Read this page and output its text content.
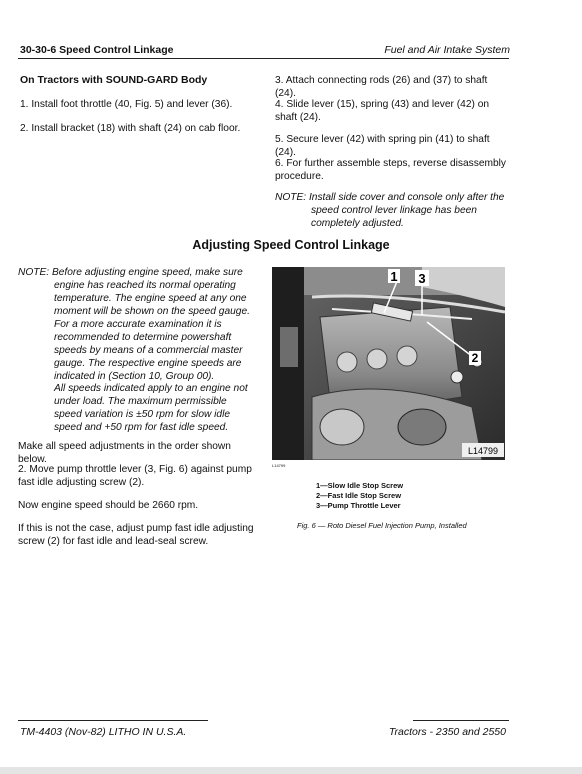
30-30-6 Speed Control Linkage	Fuel and Air Intake System
On Tractors with SOUND-GARD Body

1. Install foot throttle (40, Fig. 5) and lever (36).

2. Install bracket (18) with shaft (24) on cab floor.

3. Attach connecting rods (26) and (37) to shaft (24).

4. Slide lever (15), spring (43) and lever (42) on shaft (24).

5. Secure lever (42) with spring pin (41) to shaft (24).

6. For further assemble steps, reverse disassembly procedure.

NOTE: Install side cover and console only after the speed control lever linkage has been completely adjusted.

Adjusting Speed Control Linkage

NOTE: Before adjusting engine speed, make sure engine has reached its normal operating temperature. The engine speed at any one moment will be shown on the speed gauge. For a more accurate examination it is recommended to determine powershaft speeds by means of a commercial master gauge. The respective engine speeds are indicated in (Section 10, Group 00).

All speeds indicated apply to an engine not under load. The maximum permissible speed variation is ±50 rpm for slow idle speed and +50 rpm for fast idle speed.

Make all speed adjustments in the order shown below.

2. Move pump throttle lever (3, Fig. 6) against pump fast idle adjusting screw (2).

Now engine speed should be 2660 rpm.

If this is not the case, adjust pump fast idle adjusting screw (2) for fast idle and lead-seal screw.

1 3
2
L14799
L14799
1—Slow Idle Stop Screw
2—Fast Idle Stop Screw
3—Pump Throttle Lever
Fig. 6 — Roto Diesel Fuel Injection Pump, Installed
TM-4403 (Nov-82) LITHO IN U.S.A.	Tractors - 2350 and 2550
